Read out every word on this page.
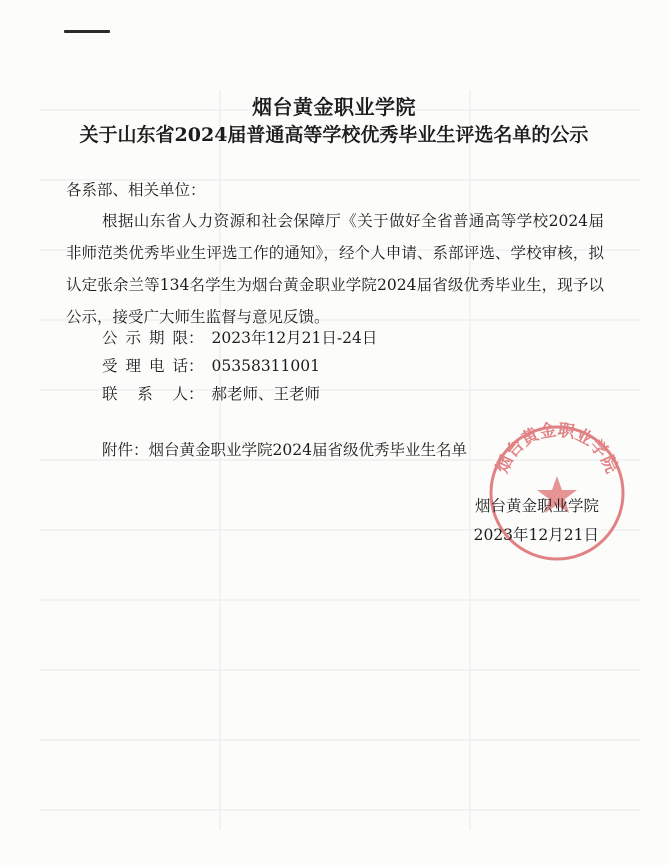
烟台黄金职业学院
关于山东省2024届普通高等学校优秀毕业生评选名单的公示
各系部、相关单位：
根据山东省人力资源和社会保障厅《关于做好全省普通高等学校2024届非师范类优秀毕业生评选工作的通知》，经个人申请、系部评选、学校审核，拟认定张余兰等134名学生为烟台黄金职业学院2024届省级优秀毕业生，现予以公示，接受广大师生监督与意见反馈。
公示期限： 2023年12月21日-24日
受理电话： 05358311001
联系人： 郝老师、王老师
附件：烟台黄金职业学院2024届省级优秀毕业生名单
烟台黄金职业学院
烟台黄金职业学院
2023年12月21日
